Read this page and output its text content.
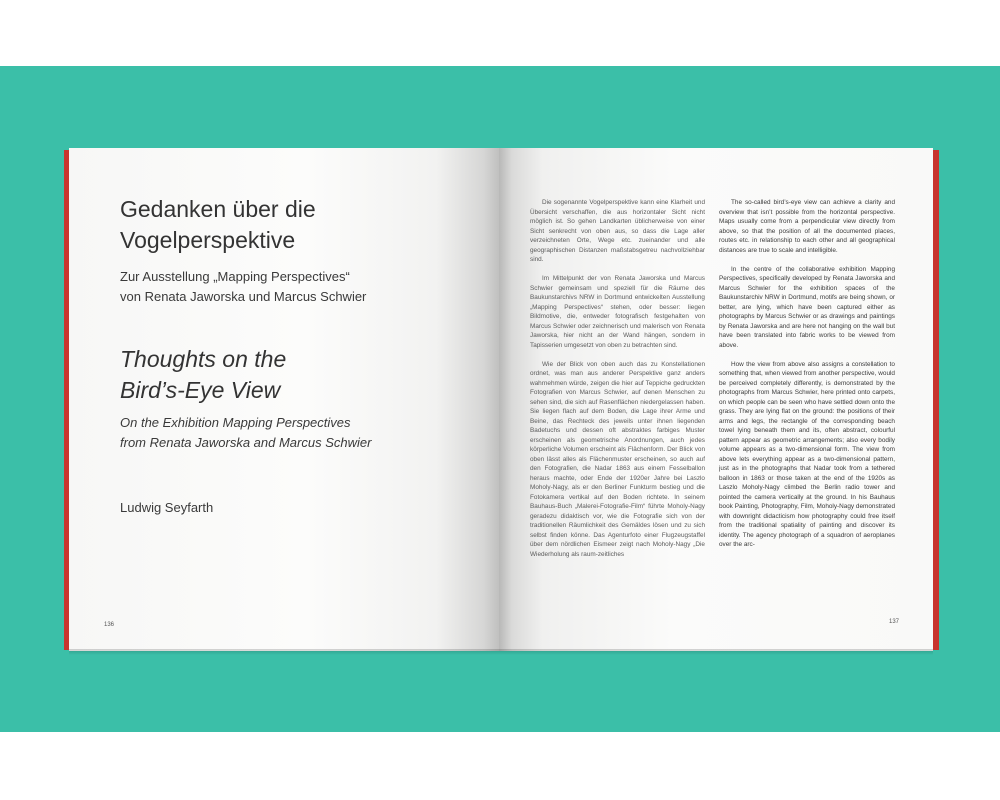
Gedanken über die Vogelperspektive

Zur Ausstellung „Mapping Perspectives“
von Renata Jaworska und Marcus Schwier

Thoughts on the
Bird’s-Eye View

On the Exhibition Mapping Perspectives
from Renata Jaworska and Marcus Schwier

Ludwig Seyfarth

136

Die sogenannte Vogelperspektive kann eine Klarheit und Übersicht verschaffen, die aus horizontaler Sicht nicht möglich ist. So gehen Landkarten üblicherweise von einer Sicht senkrecht von oben aus, so dass die Lage aller verzeichneten Orte, Wege etc. zueinander und alle geographischen Distanzen maßstabsgetreu nachvollziehbar sind.

Im Mittelpunkt der von Renata Jaworska und Marcus Schwier gemeinsam und speziell für die Räume des Baukunstarchivs NRW in Dortmund entwickelten Ausstellung „Mapping Perspectives“ stehen, oder besser: liegen Bildmotive, die, entweder fotografisch festgehalten von Marcus Schwier oder zeichnerisch und malerisch von Renata Jaworska, hier nicht an der Wand hängen, sondern in Tapisserien umgesetzt von oben zu betrachten sind.

Wie der Blick von oben auch das zu Konstellationen ordnet, was man aus anderer Perspektive ganz anders wahrnehmen würde, zeigen die hier auf Teppiche gedruckten Fotografien von Marcus Schwier, auf denen Menschen zu sehen sind, die sich auf Rasenflächen niedergelassen haben. Sie liegen flach auf dem Boden, die Lage ihrer Arme und Beine, das Rechteck des jeweils unter ihnen liegenden Badetuchs und dessen oft abstraktes farbiges Muster erscheinen als geometrische Anordnungen, auch jedes körperliche Volumen erscheint als Flächenform. Der Blick von oben lässt alles als Flächenmuster erscheinen, so auch auf den Fotografien, die Nadar 1863 aus einem Fesselballon heraus machte, oder Ende der 1920er Jahre bei Laszlo Moholy-Nagy, als er den Berliner Funkturm bestieg und die Fotokamera vertikal auf den Boden richtete. In seinem Bauhaus-Buch „Malerei-Fotografie-Film“ führte Moholy-Nagy geradezu didaktisch vor, wie die Fotografie sich von der traditionellen Räumlichkeit des Gemäldes lösen und zu sich selbst finden könne. Das Agenturfoto einer Flugzeugstaffel über dem nördlichen Eismeer zeigt nach Moholy-Nagy „Die Wiederholung als raum-zeitliches

The so-called bird’s-eye view can achieve a clarity and overview that isn’t possible from the horizontal perspective. Maps usually come from a perpendicular view directly from above, so that the position of all the documented places, routes etc. in relationship to each other and all geographical distances are true to scale and intelligible.

In the centre of the collaborative exhibition Mapping Perspectives, specifically developed by Renata Jaworska and Marcus Schwier for the exhibition spaces of the Baukunstarchiv NRW in Dortmund, motifs are being shown, or better, are lying, which have been captured either as photographs by Marcus Schwier or as drawings and paintings by Renata Jaworska and are here not hanging on the wall but have been translated into fabric works to be viewed from above.

How the view from above also assigns a constellation to something that, when viewed from another perspective, would be perceived completely differently, is demonstrated by the photographs from Marcus Schwier, here printed onto carpets, on which people can be seen who have settled down onto the grass. They are lying flat on the ground: the positions of their arms and legs, the rectangle of the corresponding beach towel lying beneath them and its, often abstract, colourful pattern appear as geometric arrangements; also every bodily volume appears as a two-dimensional form. The view from above lets everything appear as a two-dimensional pattern, just as in the photographs that Nadar took from a tethered balloon in 1863 or those taken at the end of the 1920s as Laszlo Moholy-Nagy climbed the Berlin radio tower and pointed the camera vertically at the ground. In his Bauhaus book Painting, Photography, Film, Moholy-Nagy demonstrated with downright didacticism how photography could free itself from the traditional spatiality of painting and discover its identity. The agency photograph of a squadron of aeroplanes over the arc-

137
